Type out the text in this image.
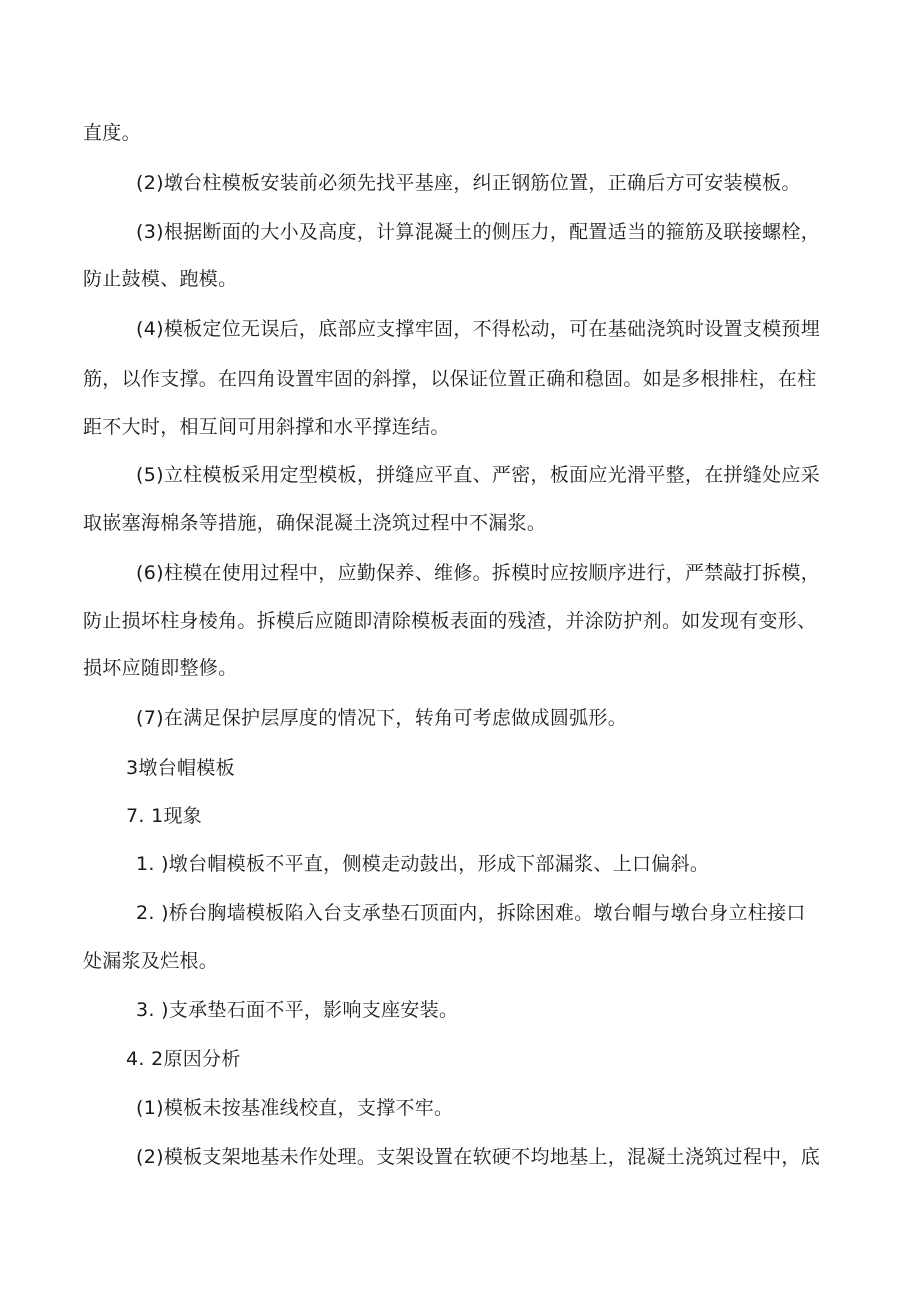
直度。
(2)墩台柱模板安装前必须先找平基座，纠正钢筋位置，正确后方可安装模板。
(3)根据断面的大小及高度，计算混凝土的侧压力，配置适当的箍筋及联接螺栓，
防止鼓模、跑模。
(4)模板定位无误后，底部应支撑牢固，不得松动，可在基础浇筑时设置支模预埋
筋，以作支撑。在四角设置牢固的斜撑，以保证位置正确和稳固。如是多根排柱，在柱
距不大时，相互间可用斜撑和水平撑连结。
(5)立柱模板采用定型模板，拼缝应平直、严密，板面应光滑平整，在拼缝处应采
取嵌塞海棉条等措施，确保混凝土浇筑过程中不漏浆。
(6)柱模在使用过程中，应勤保养、维修。拆模时应按顺序进行，严禁敲打拆模，
防止损坏柱身棱角。拆模后应随即清除模板表面的残渣，并涂防护剂。如发现有变形、
损坏应随即整修。
(7)在满足保护层厚度的情况下，转角可考虑做成圆弧形。
3墩台帽模板
7. 1现象
1. )墩台帽模板不平直，侧模走动鼓出，形成下部漏浆、上口偏斜。
2. )桥台胸墙模板陷入台支承垫石顶面内，拆除困难。墩台帽与墩台身立柱接口
处漏浆及烂根。
3. )支承垫石面不平，影响支座安装。
4. 2原因分析
(1)模板未按基准线校直，支撑不牢。
(2)模板支架地基未作处理。支架设置在软硬不均地基上，混凝土浇筑过程中，底
